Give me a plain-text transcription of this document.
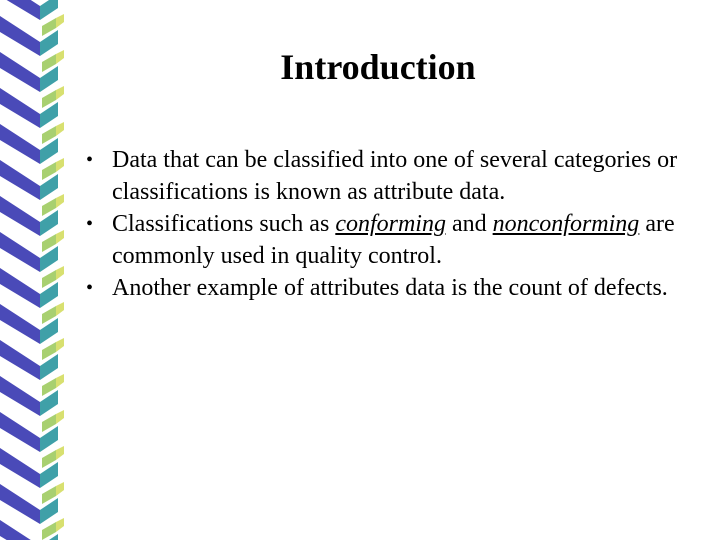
Introduction
• Data that can be classified into one of several categories or classifications is known as attribute data.
• Classifications such as conforming and nonconforming are commonly used in quality control.
• Another example of attributes data is the count of defects.
